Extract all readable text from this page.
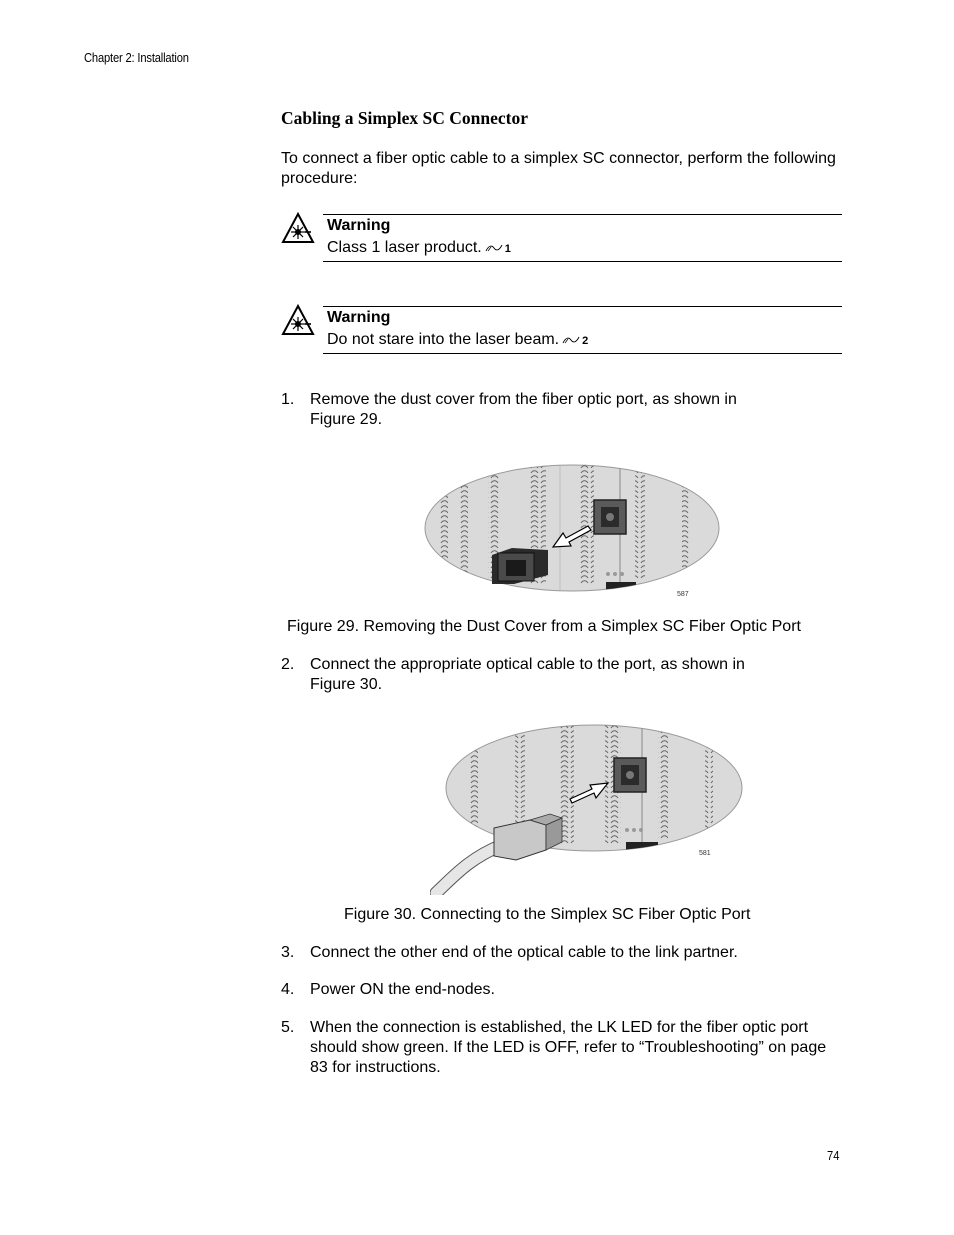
Chapter 2: Installation
Cabling a Simplex SC Connector
To connect a fiber optic cable to a simplex SC connector, perform the following procedure:
Warning
Class 1 laser product. 1
Warning
Do not stare into the laser beam. 2
1. Remove the dust cover from the fiber optic port, as shown in Figure 29.
587
Figure 29. Removing the Dust Cover from a Simplex SC Fiber Optic Port
2. Connect the appropriate optical cable to the port, as shown in Figure 30.
581
Figure 30. Connecting to the Simplex SC Fiber Optic Port
3. Connect the other end of the optical cable to the link partner.
4. Power ON the end-nodes.
5. When the connection is established, the LK LED for the fiber optic port should show green. If the LED is OFF, refer to “Troubleshooting” on page 83 for instructions.
74
